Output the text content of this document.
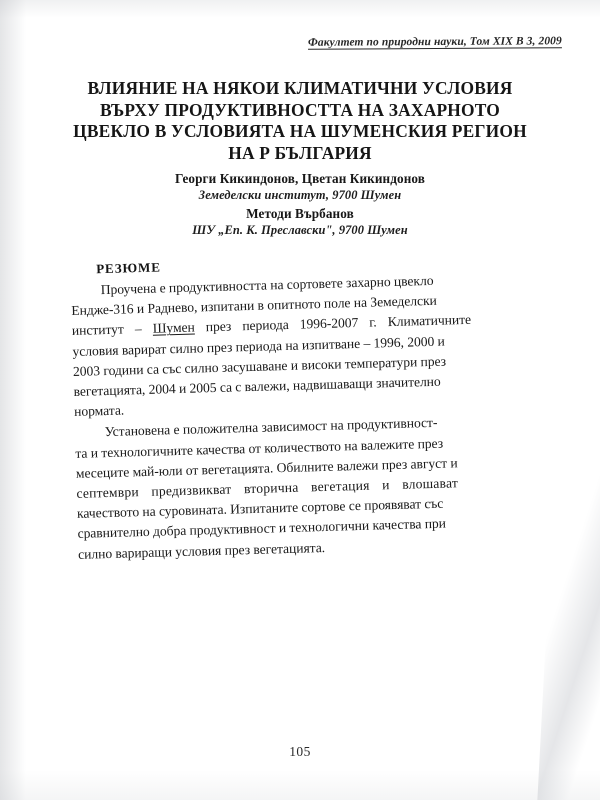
Факултет по природни науки, Том XIX В 3, 2009
ВЛИЯНИЕ НА НЯКОИ КЛИМАТИЧНИ УСЛОВИЯ
ВЪРХУ ПРОДУКТИВНОСТТА НА ЗАХАРНОТО
ЦВЕКЛО В УСЛОВИЯТА НА ШУМЕНСКИЯ РЕГИОН
НА Р БЪЛГАРИЯ
Георги Кикиндонов, Цветан Кикиндонов
Земеделски институт, 9700 Шумен
Методи Върбанов
ШУ „Еп. К. Преславски", 9700 Шумен
РЕЗЮМЕ
Проучена е продуктивността на сортовете захарно цвекло
Ендже-316 и Раднево, изпитани в опитното поле на Земеделски
институт  –  Шумен  през  периода  1996-2007  г.  Климатичните
условия варират силно през периода на изпитване – 1996, 2000 и
2003 години са със силно засушаване и високи температури през
вегетацията, 2004 и 2005 са с валежи, надвишаващи значително
нормата.
Установена е положителна зависимост на продуктивност-
та и технологичните качества от количеството на валежите през
месеците май-юли от вегетацията. Обилните валежи през август и
септември предизвикват вторична вегетация и влошават
качеството на суровината. Изпитаните сортове се проявяват със
сравнително добра продуктивност и технологични качества при
силно вариращи условия през вегетацията.
105
